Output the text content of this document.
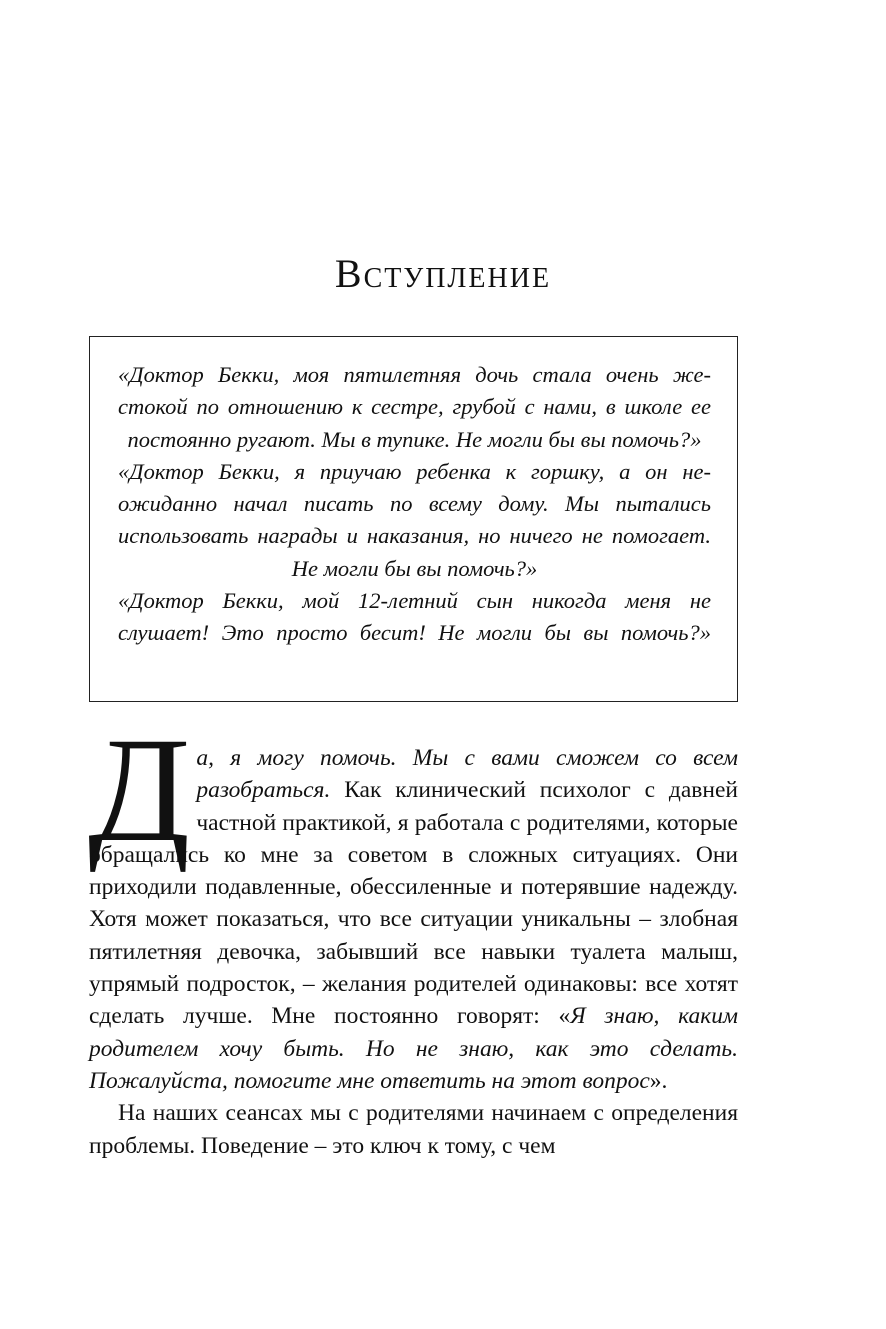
Вступление

«Доктор Бекки, моя пятилетняя дочь стала очень жестокой по отношению к сестре, грубой с нами, в школе ее постоянно ругают. Мы в тупике. Не могли бы вы помочь?»

«Доктор Бекки, я приучаю ребенка к горшку, а он неожиданно начал писать по всему дому. Мы пытались использовать награды и наказания, но ничего не помогает. Не могли бы вы помочь?»

«Доктор Бекки, мой 12-летний сын никогда меня не слушает! Это просто бесит! Не могли бы вы помочь?»

Да, я могу помочь. Мы с вами сможем со всем разобраться. Как клинический психолог с давней частной практикой, я работала с родителями, которые обращались ко мне за советом в сложных ситуациях. Они приходили подавленные, обессиленные и потерявшие надежду. Хотя может показаться, что все ситуации уникальны – злобная пятилетняя девочка, забывший все навыки туалета малыш, упрямый подросток, – желания родителей одинаковы: все хотят сделать лучше. Мне постоянно говорят: «Я знаю, каким родителем хочу быть. Но не знаю, как это сделать. Пожалуйста, помогите мне ответить на этот вопрос».

На наших сеансах мы с родителями начинаем с определения проблемы. Поведение – это ключ к тому, с чем
